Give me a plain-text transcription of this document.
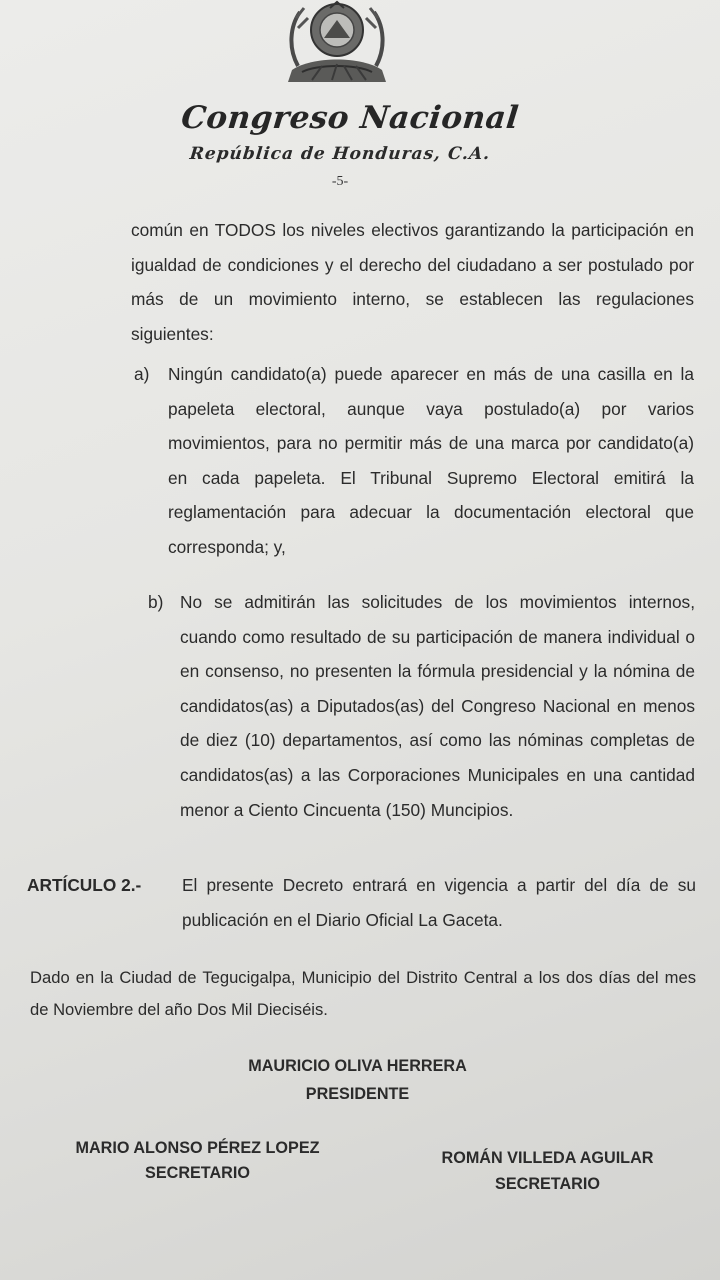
Congreso Nacional
República de Honduras, C.A.
-5-
común en TODOS los niveles electivos garantizando la participación en igualdad de condiciones y el derecho del ciudadano a ser postulado por más de un movimiento interno, se establecen las regulaciones siguientes:
a) Ningún candidato(a) puede aparecer en más de una casilla en la papeleta electoral, aunque vaya postulado(a) por varios movimientos, para no permitir más de una marca por candidato(a) en cada papeleta. El Tribunal Supremo Electoral emitirá la reglamentación para adecuar la documentación electoral que corresponda; y,
b) No se admitirán las solicitudes de los movimientos internos, cuando como resultado de su participación de manera individual o en consenso, no presenten la fórmula presidencial y la nómina de candidatos(as) a Diputados(as) del Congreso Nacional en menos de diez (10) departamentos, así como las nóminas completas de candidatos(as) a las Corporaciones Municipales en una cantidad menor a Ciento Cincuenta (150) Muncipios.
ARTÍCULO 2.- El presente Decreto entrará en vigencia a partir del día de su publicación en el Diario Oficial La Gaceta.
Dado en la Ciudad de Tegucigalpa, Municipio del Distrito Central a los dos días del mes de Noviembre del año Dos Mil Dieciséis.
MAURICIO OLIVA HERRERA
PRESIDENTE
MARIO ALONSO PÉREZ LOPEZ
SECRETARIO
ROMÁN VILLEDA AGUILAR
SECRETARIO
